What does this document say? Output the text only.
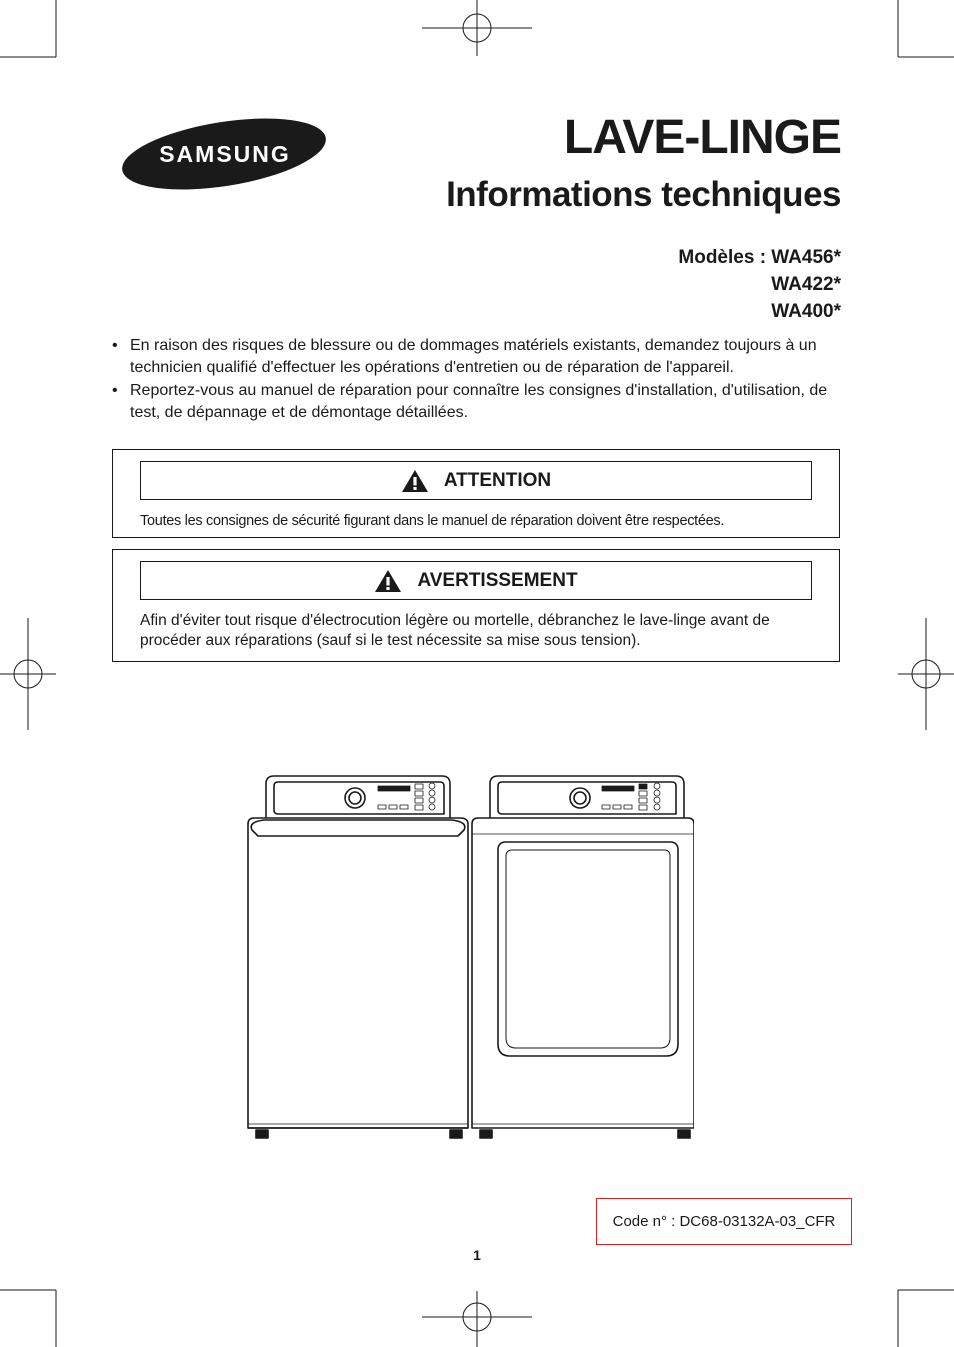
SAMSUNG	LAVE-LINGE
Informations techniques
Modèles : WA456*
WA422*
WA400*
• En raison des risques de blessure ou de dommages matériels existants, demandez toujours à un technicien qualifié d'effectuer les opérations d'entretien ou de réparation de l'appareil.
• Reportez-vous au manuel de réparation pour connaître les consignes d'installation, d'utilisation, de test, de dépannage et de démontage détaillées.
ATTENTION
Toutes les consignes de sécurité figurant dans le manuel de réparation doivent être respectées.
AVERTISSEMENT
Afin d'éviter tout risque d'électrocution légère ou mortelle, débranchez le lave-linge avant de procéder aux réparations (sauf si le test nécessite sa mise sous tension).
Code n° : DC68-03132A-03_CFR
1
